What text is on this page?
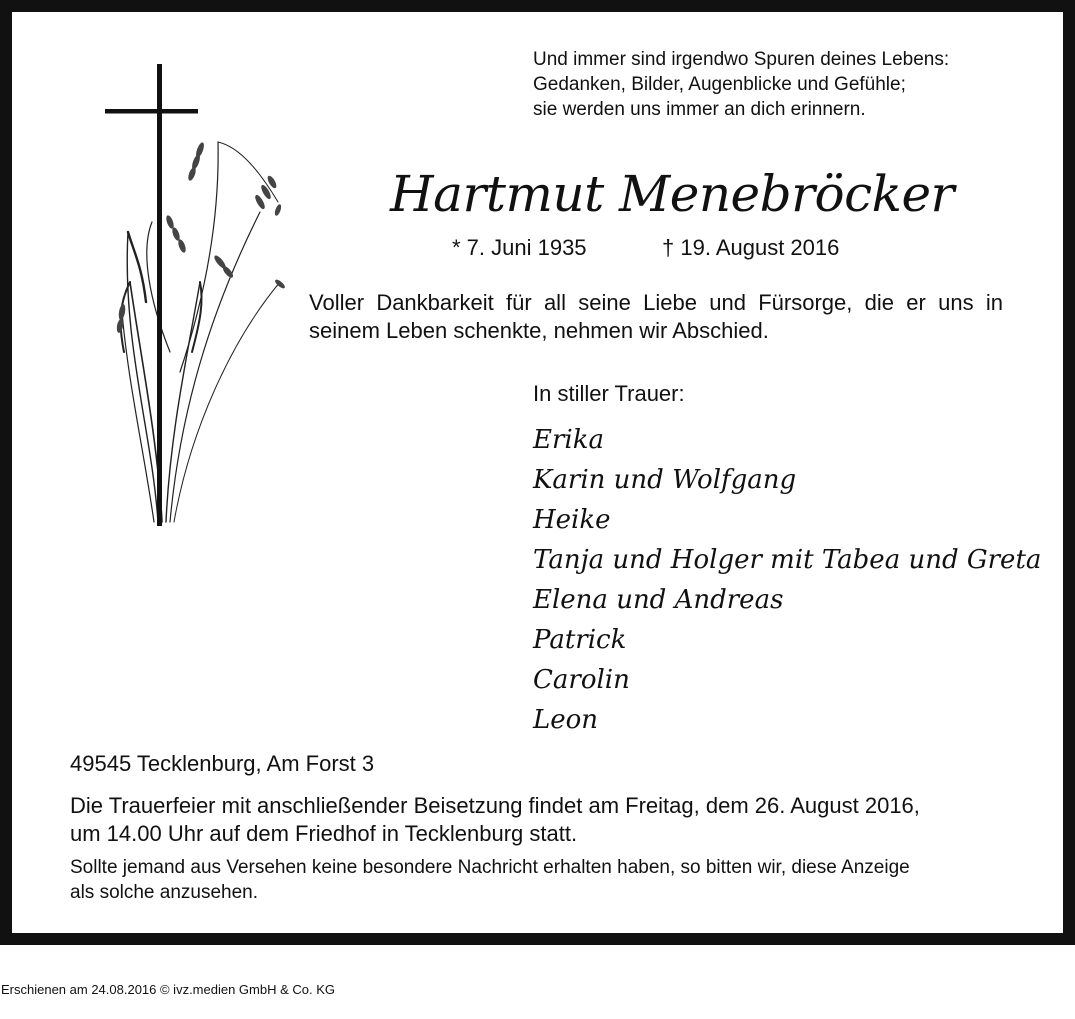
Und immer sind irgendwo Spuren deines Lebens:
Gedanken, Bilder, Augenblicke und Gefühle;
sie werden uns immer an dich erinnern.
Hartmut Menebröcker
* 7. Juni 1935	† 19. August 2016
Voller Dankbarkeit für all seine Liebe und Fürsorge, die er uns in
seinem Leben schenkte, nehmen wir Abschied.
In stiller Trauer:
Erika
Karin und Wolfgang
Heike
Tanja und Holger mit Tabea und Greta
Elena und Andreas
Patrick
Carolin
Leon
49545 Tecklenburg, Am Forst 3
Die Trauerfeier mit anschließender Beisetzung findet am Freitag, dem 26. August 2016,
um 14.00 Uhr auf dem Friedhof in Tecklenburg statt.
Sollte jemand aus Versehen keine besondere Nachricht erhalten haben, so bitten wir, diese Anzeige
als solche anzusehen.
Erschienen am 24.08.2016 © ivz.medien GmbH & Co. KG
